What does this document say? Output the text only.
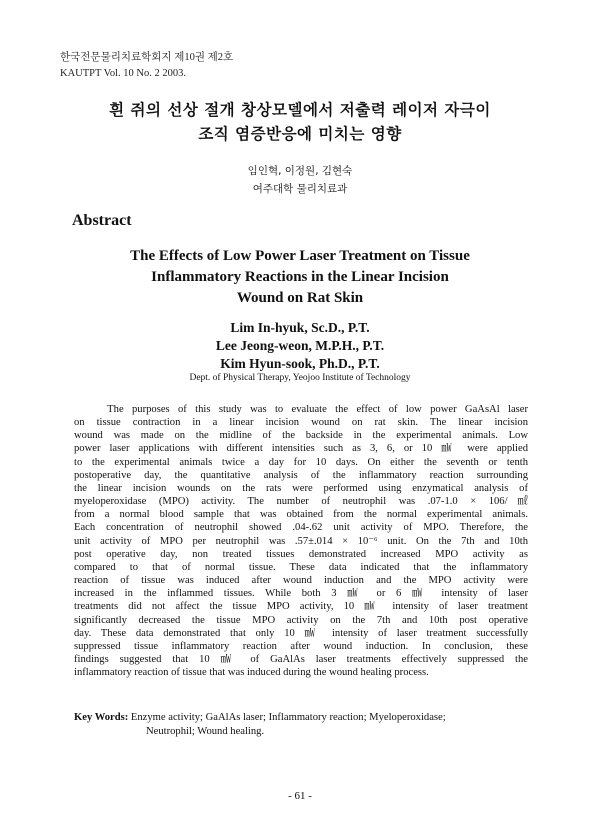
한국전문물리치료학회지 제10권 제2호
KAUTPT Vol. 10 No. 2 2003.
흰 쥐의 선상 절개 창상모델에서 저출력 레이저 자극이
조직 염증반응에 미치는 영향
임인혁, 이정원, 김현숙
여주대학 물리치료과
Abstract
The Effects of Low Power Laser Treatment on Tissue
Inflammatory Reactions in the Linear Incision
Wound on Rat Skin
Lim In-hyuk, Sc.D., P.T.
Lee Jeong-weon, M.P.H., P.T.
Kim Hyun-sook, Ph.D., P.T.
Dept. of Physical Therapy, Yeojoo Institute of Technology
The purposes of this study was to evaluate the effect of low power GaAsAl laser
on tissue contraction in a linear incision wound on rat skin. The linear incision
wound was made on the midline of the backside in the experimental animals. Low
power laser applications with different intensities such as 3, 6, or 10 ㎽ were applied
to the experimental animals twice a day for 10 days. On either the seventh or tenth
postoperative day, the quantitative analysis of the inflammatory reaction surrounding
the linear incision wounds on the rats were performed using enzymatical analysis of
myeloperoxidase (MPO) activity. The number of neutrophil was .07-1.0 × 106/㎖
from a normal blood sample that was obtained from the normal experimental animals.
Each concentration of neutrophil showed .04-.62 unit activity of MPO. Therefore, the
unit activity of MPO per neutrophil was .57±.014 × 10⁻⁶ unit. On the 7th and 10th
post operative day, non treated tissues demonstrated increased MPO activity as
compared to that of normal tissue. These data indicated that the inflammatory
reaction of tissue was induced after wound induction and the MPO activity were
increased in the inflammed tissues. While both 3 ㎽ or 6 ㎽ intensity of laser
treatments did not affect the tissue MPO activity, 10 ㎽ intensity of laser treatment
significantly decreased the tissue MPO activity on the 7th and 10th post operative
day. These data demonstrated that only 10 ㎽ intensity of laser treatment successfully
suppressed tissue inflammatory reaction after wound induction. In conclusion, these
findings suggested that 10 ㎽ of GaAlAs laser treatments effectively suppressed the
inflammatory reaction of tissue that was induced during the wound healing process.
Key Words: Enzyme activity; GaAlAs laser; Inflammatory reaction; Myeloperoxidase;
Neutrophil; Wound healing.
- 61 -
